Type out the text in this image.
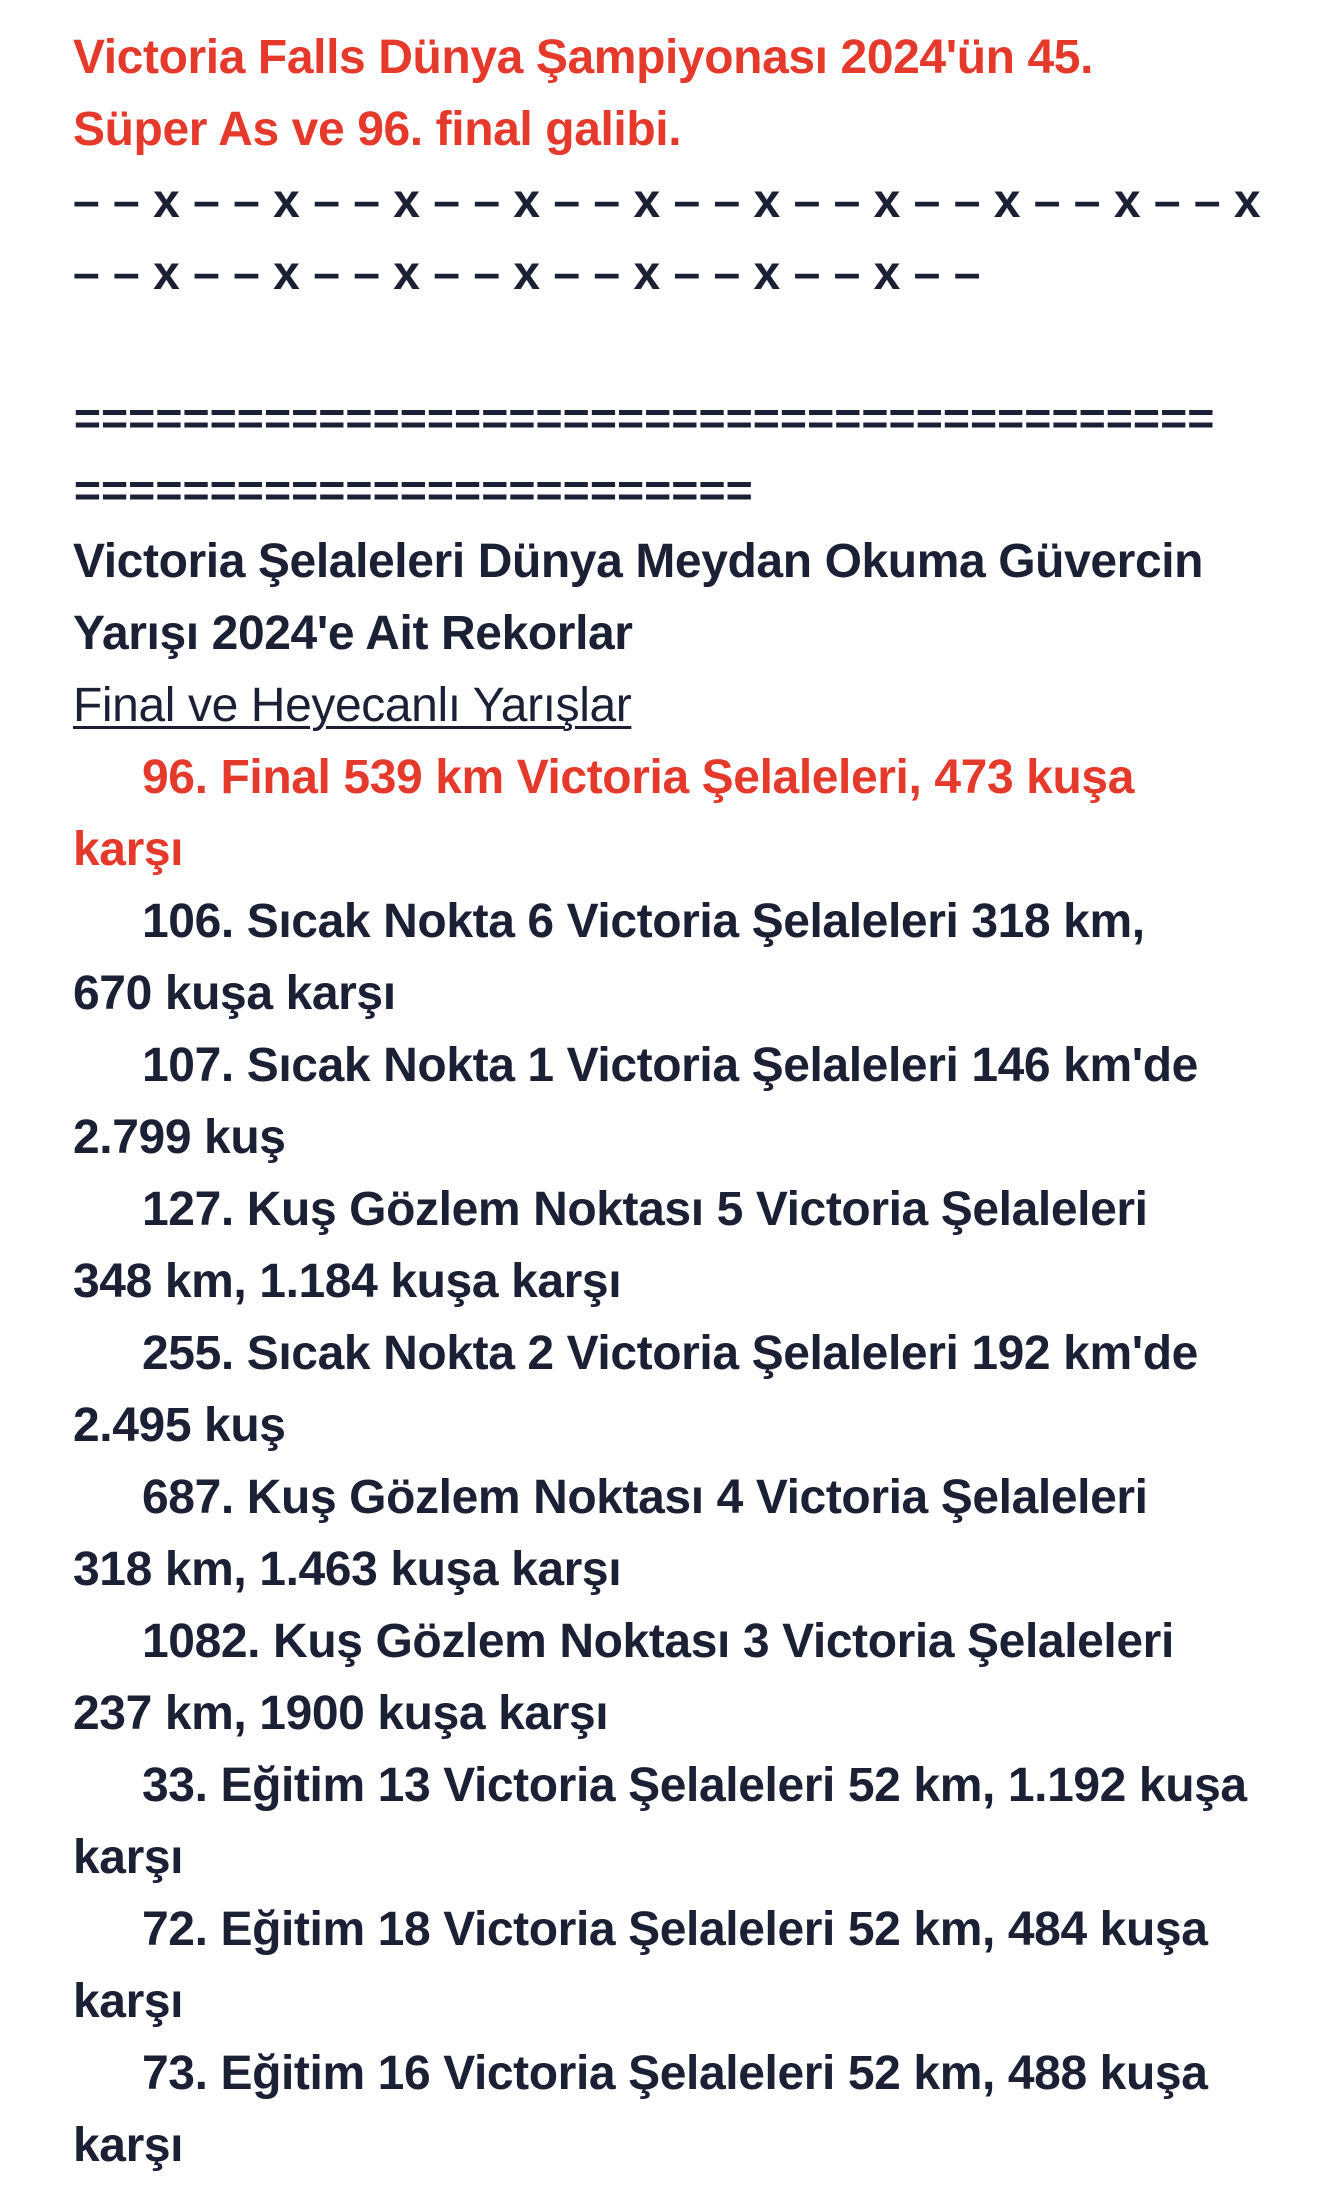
Victoria Falls Dünya Şampiyonası 2024'ün 45.
Süper As ve 96. final galibi.
– – x – – x – – x – – x – – x – – x – – x – – x – – x – – x
– – x – – x – – x – – x – – x – – x – – x – –
==========================================
=========================
Victoria Şelaleleri Dünya Meydan Okuma Güvercin
Yarışı 2024'e Ait Rekorlar
Final ve Heyecanlı Yarışlar
96. Final 539 km Victoria Şelaleleri, 473 kuşa
karşı
106. Sıcak Nokta 6 Victoria Şelaleleri 318 km,
670 kuşa karşı
107. Sıcak Nokta 1 Victoria Şelaleleri 146 km'de
2.799 kuş
127. Kuş Gözlem Noktası 5 Victoria Şelaleleri
348 km, 1.184 kuşa karşı
255. Sıcak Nokta 2 Victoria Şelaleleri 192 km'de
2.495 kuş
687. Kuş Gözlem Noktası 4 Victoria Şelaleleri
318 km, 1.463 kuşa karşı
1082. Kuş Gözlem Noktası 3 Victoria Şelaleleri
237 km, 1900 kuşa karşı
33. Eğitim 13 Victoria Şelaleleri 52 km, 1.192 kuşa
karşı
72. Eğitim 18 Victoria Şelaleleri 52 km, 484 kuşa
karşı
73. Eğitim 16 Victoria Şelaleleri 52 km, 488 kuşa
karşı
